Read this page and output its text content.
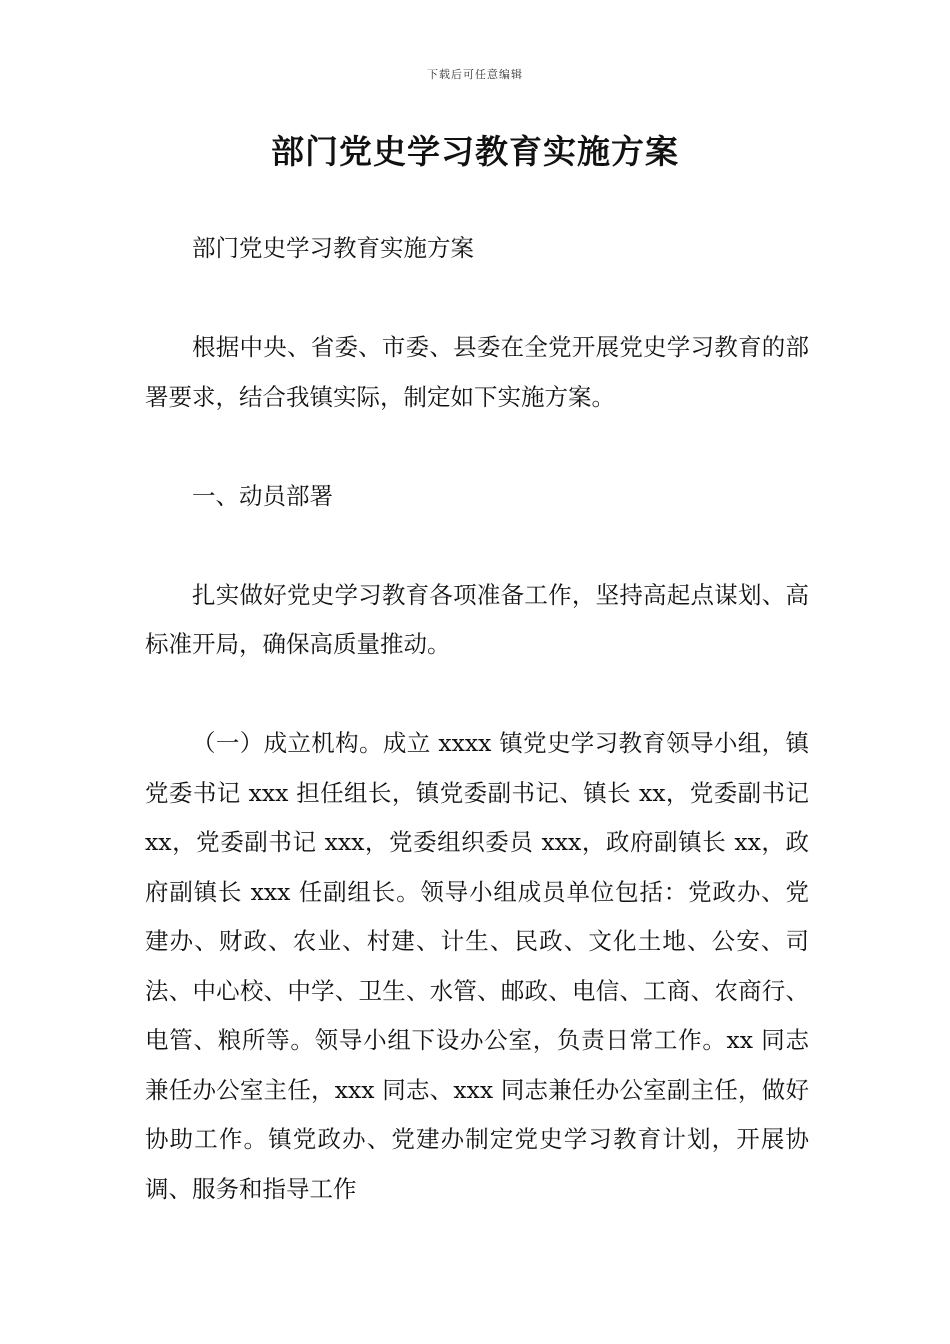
下载后可任意编辑
部门党史学习教育实施方案

部门党史学习教育实施方案

根据中央、省委、市委、县委在全党开展党史学习教育的部署要求，结合我镇实际，制定如下实施方案。

一、动员部署

扎实做好党史学习教育各项准备工作，坚持高起点谋划、高标准开局，确保高质量推动。

（一）成立机构。成立 xxxx 镇党史学习教育领导小组，镇党委书记 xxx 担任组长，镇党委副书记、镇长 xx，党委副书记 xx，党委副书记 xxx，党委组织委员 xxx，政府副镇长 xx，政府副镇长 xxx 任副组长。领导小组成员单位包括：党政办、党建办、财政、农业、村建、计生、民政、文化土地、公安、司法、中心校、中学、卫生、水管、邮政、电信、工商、农商行、电管、粮所等。领导小组下设办公室，负责日常工作。xx 同志兼任办公室主任，xxx 同志、xxx 同志兼任办公室副主任，做好协助工作。镇党政办、党建办制定党史学习教育计划，开展协调、服务和指导工作
